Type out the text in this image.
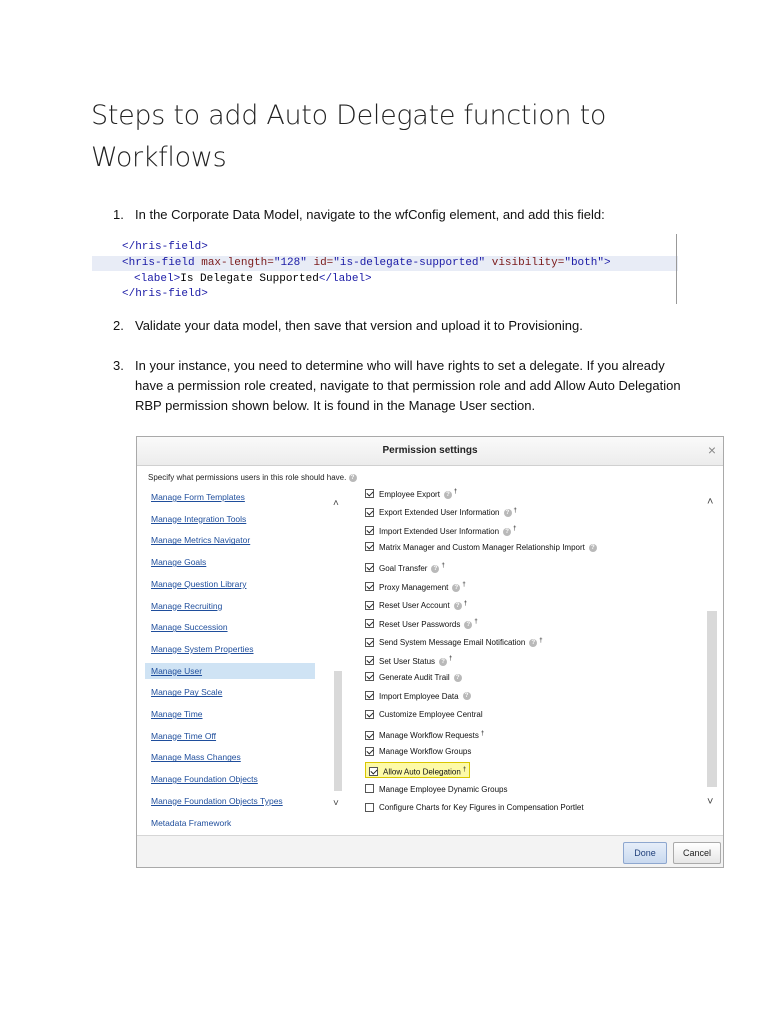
Steps to add Auto Delegate function to Workflows
1. In the Corporate Data Model, navigate to the wfConfig element, and add this field:
</hris-field>
<hris-field max-length="128" id="is-delegate-supported" visibility="both">
<label>Is Delegate Supported</label>
</hris-field>
2. Validate your data model, then save that version and upload it to Provisioning.
3. In your instance, you need to determine who will have rights to set a delegate. If you already have a permission role created, navigate to that permission role and add Allow Auto Delegation RBP permission shown below. It is found in the Manage User section.
Permission settings	×
Specify what permissions users in this role should have. ?
Manage Form Templates
Manage Integration Tools
Manage Metrics Navigator
Manage Goals
Manage Question Library
Manage Recruiting
Manage Succession
Manage System Properties
Manage User
Manage Pay Scale
Manage Time
Manage Time Off
Manage Mass Changes
Manage Foundation Objects
Manage Foundation Objects Types
Metadata Framework
˄
˅
Employee Export ? †
Export Extended User Information ? †
Import Extended User Information ? †
Matrix Manager and Custom Manager Relationship Import ?
Goal Transfer ? †
Proxy Management ? †
Reset User Account ? †
Reset User Passwords ? †
Send System Message Email Notification ? †
Set User Status ? †
Generate Audit Trail ?
Import Employee Data ?
Customize Employee Central
Manage Workflow Requests †
Manage Workflow Groups
Allow Auto Delegation †
Manage Employee Dynamic Groups
Configure Charts for Key Figures in Compensation Portlet
˄
˅
Done	Cancel
